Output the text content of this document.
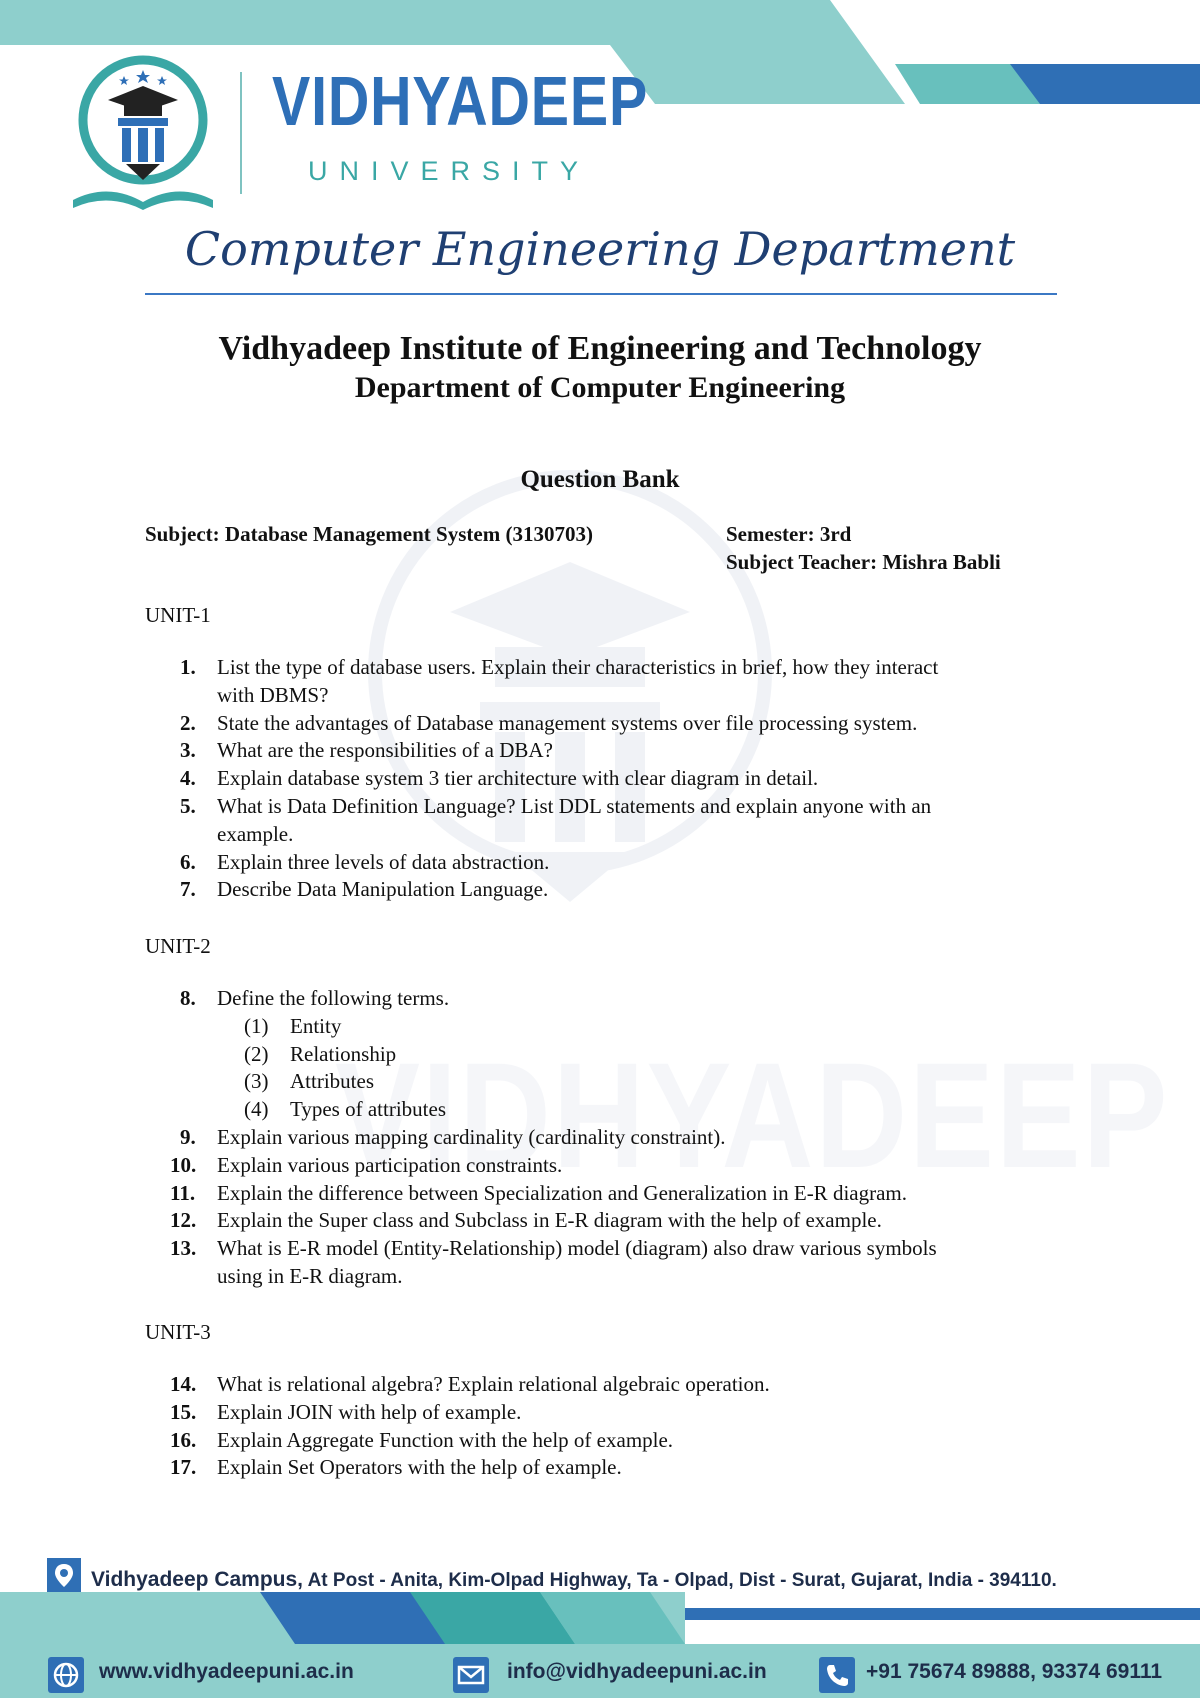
VIDHYADEEP
UNIVERSITY
Computer Engineering Department
Vidhyadeep Institute of Engineering and Technology
Department of Computer Engineering
Question Bank
Subject: Database Management System (3130703)	Semester: 3rd
Subject Teacher: Mishra Babli
UNIT-1
1. List the type of database users. Explain their characteristics in brief, how they interact
with DBMS?
2. State the advantages of Database management systems over file processing system.
3. What are the responsibilities of a DBA?
4. Explain database system 3 tier architecture with clear diagram in detail.
5. What is Data Definition Language? List DDL statements and explain anyone with an
example.
6. Explain three levels of data abstraction.
7. Describe Data Manipulation Language.
UNIT-2
8. Define the following terms.
(1) Entity
(2) Relationship
(3) Attributes
(4) Types of attributes
9. Explain various mapping cardinality (cardinality constraint).
10. Explain various participation constraints.
11. Explain the difference between Specialization and Generalization in E-R diagram.
12. Explain the Super class and Subclass in E-R diagram with the help of example.
13. What is E-R model (Entity-Relationship) model (diagram) also draw various symbols
using in E-R diagram.
UNIT-3
14. What is relational algebra? Explain relational algebraic operation.
15. Explain JOIN with help of example.
16. Explain Aggregate Function with the help of example.
17. Explain Set Operators with the help of example.
Vidhyadeep Campus, At Post - Anita, Kim-Olpad Highway, Ta - Olpad, Dist - Surat, Gujarat, India - 394110.
www.vidhyadeepuni.ac.in	info@vidhyadeepuni.ac.in	+91 75674 89888, 93374 69111
